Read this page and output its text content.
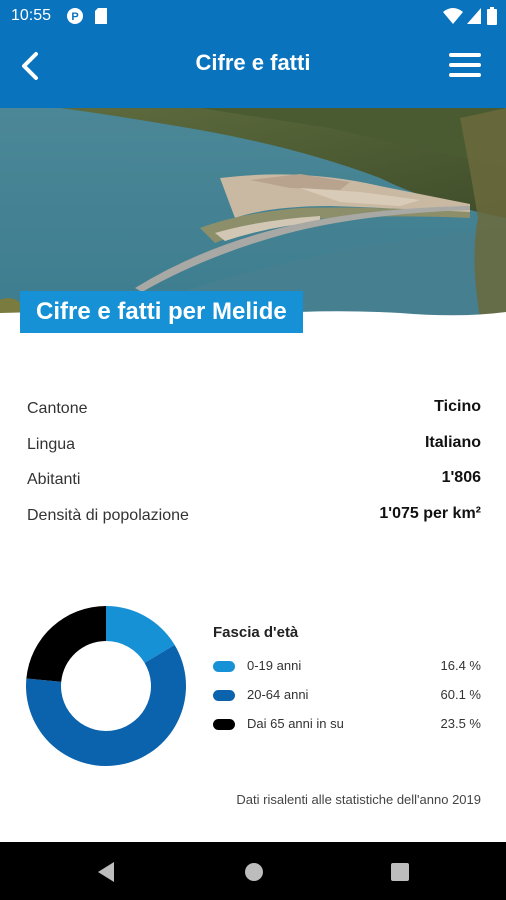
10:55 P
Cifre e fatti
Cifre e fatti per Melide
Cantone	Ticino
Lingua	Italiano
Abitanti	1'806
Densità di popolazione	1'075 per km²
Fascia d'età
0-19 anni	16.4 %
20-64 anni	60.1 %
Dai 65 anni in su	23.5 %
Dati risalenti alle statistiche dell'anno 2019
